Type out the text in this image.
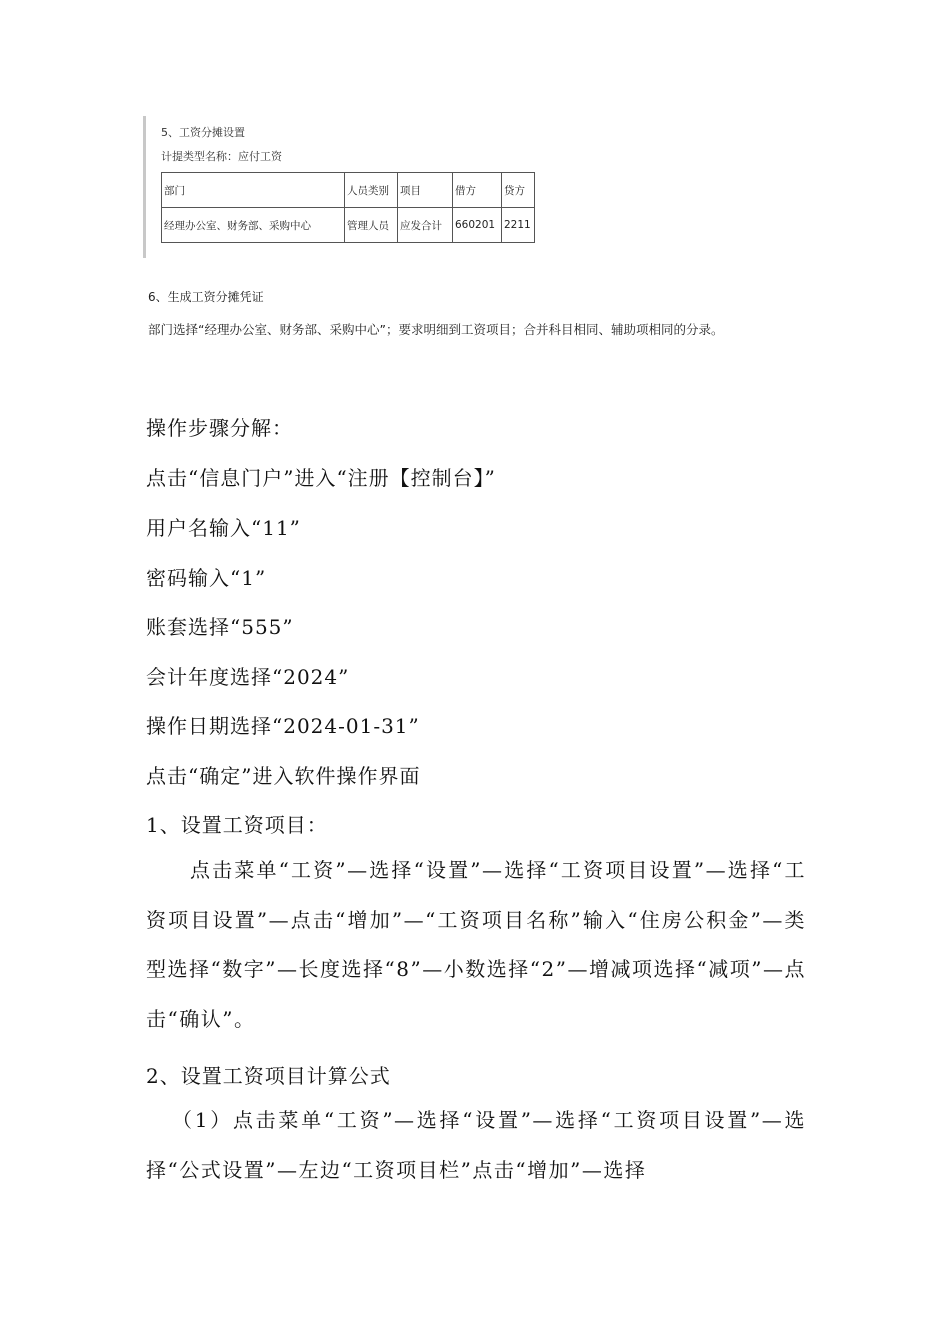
5、工资分摊设置
计提类型名称：应付工资
部门	人员类别	项目	借方	贷方
经理办公室、财务部、采购中心	管理人员	应发合计	660201	2211
6、生成工资分摊凭证
部门选择“经理办公室、财务部、采购中心”；要求明细到工资项目；合并科目相同、辅助项相同的分录。
操作步骤分解：
点击“信息门户”进入“注册【控制台】”
用户名输入“11”
密码输入“1”
账套选择“555”
会计年度选择“2024”
操作日期选择“2024-01-31”
点击“确定”进入软件操作界面
1、设置工资项目：
点击菜单“工资”—选择“设置”—选择“工资项目设置”—选择“工资项目设置”—点击“增加”—“工资项目名称”输入“住房公积金”—类型选择“数字”—长度选择“8”—小数选择“2”—增减项选择“减项”—点击“确认”。
2、设置工资项目计算公式
（1）点击菜单“工资”—选择“设置”—选择“工资项目设置”—选择“公式设置”—左边“工资项目栏”点击“增加”—选择
